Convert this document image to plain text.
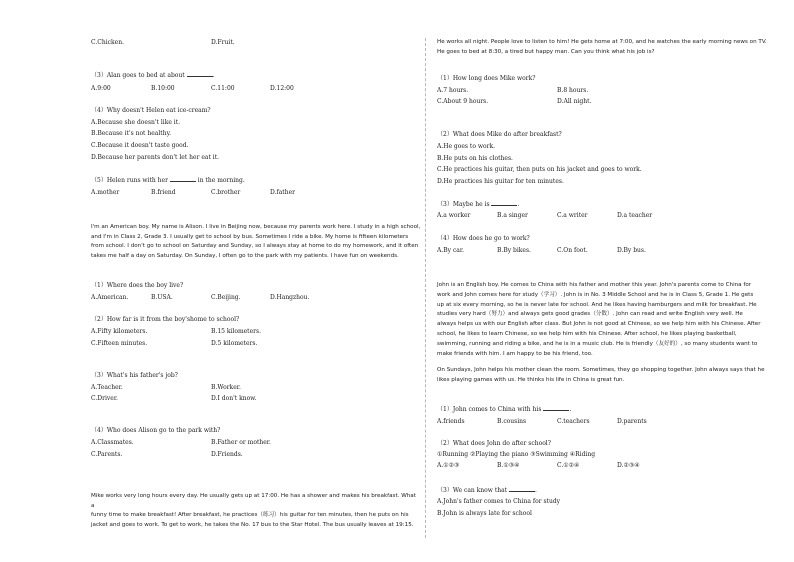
C.Chicken.	D.Fruit.
（3）Alan goes to bed at about	.
A.9:00	B.10:00	C.11:00	D.12:00
（4）Why doesn't Helen eat ice-cream?
A.Because she doesn't like it.
B.Because it's not healthy.
C.Because it doesn't taste good.
D.Because her parents don't let her eat it.
（5）Helen runs with her	in the morning.
A.mother	B.friend	C.brother	D.father
I'm an American boy. My name is Alison. I live in Beijing now, because my parents work here. I study in a high school,
and I'm in Class 2, Grade 3. I usually get to school by bus. Sometimes I ride a bike. My home is fifteen kilometers
from school. I don't go to school on Saturday and Sunday, so I always stay at home to do my homework, and it often
takes me half a day on Saturday. On Sunday, I often go to the park with my patients. I have fun on weekends.
（1）Where does the boy live?
A.American.	B.USA.	C.Beijing.	D.Hangzhou.
（2）How far is it from the boy'shome to school?
A.Fifty kilometers.	B.15 kilometers.
C.Fifteen minutes.	D.5 kilometers.
（3）What's his father's job?
A.Teacher.	B.Worker.
C.Driver.	D.I don't know.
（4）Who does Alison go to the park with?
A.Classmates.	B.Father or mother.
C.Parents.	D.Friends.
Mike works very long hours every day. He usually gets up at 17:00. He has a shower and makes his breakfast. What a
funny time to make breakfast! After breakfast, he practices（练习）his guitar for ten minutes, then he puts on his
jacket and goes to work. To get to work, he takes the No. 17 bus to the Star Hotel. The bus usually leaves at 19:15.
He works all night. People love to listen to him! He gets home at 7:00, and he watches the early morning news on TV.
He goes to bed at 8:30, a tired but happy man. Can you think what his job is?
（1）How long does Mike work?
A.7 hours.	B.8 hours.
C.About 9 hours.	D.All night.
（2）What does Mike do after breakfast?
A.He goes to work.
B.He puts on his clothes.
C.He practices his guitar, then puts on his jacket and goes to work.
D.He practices his guitar for ten minutes.
（3）Maybe he is	.
A.a worker	B.a singer	C.a writer	D.a teacher
（4）How does he go to work?
A.By car.	B.By bikes.	C.On foot.	D.By bus.
John is an English boy. He comes to China with his father and mother this year. John's parents come to China for
work and John comes here for study（学习）. John is in No. 3 Middle School and he is in Class 5, Grade 1. He gets
up at six every morning, so he is never late for school. And he likes having hamburgers and milk for breakfast. He
studies very hard（努力）and always gets good grades（分数）. John can read and write English very well. He
always helps us with our English after class. But John is not good at Chinese, so we help him with his Chinese. After
school, he likes to learn Chinese, so we help him with his Chinese. After school, he likes playing basketball,
swimming, running and riding a bike, and he is in a music club. He is friendly（友好的）, so many students want to
make friends with him. I am happy to be his friend, too.
On Sundays, John helps his mother clean the room. Sometimes, they go shopping together. John always says that he
likes playing games with us. He thinks his life in China is great fun.
（1）John comes to China with his	.
A.friends	B.cousins	C.teachers	D.parents
（2）What does John do after school?
①Running ②Playing the piano ③Swimming ④Riding
A.①②③	B.①③④	C.①②④	D.②③④
（3）We can know that	.
A.John's father comes to China for study
B.John is always late for school
